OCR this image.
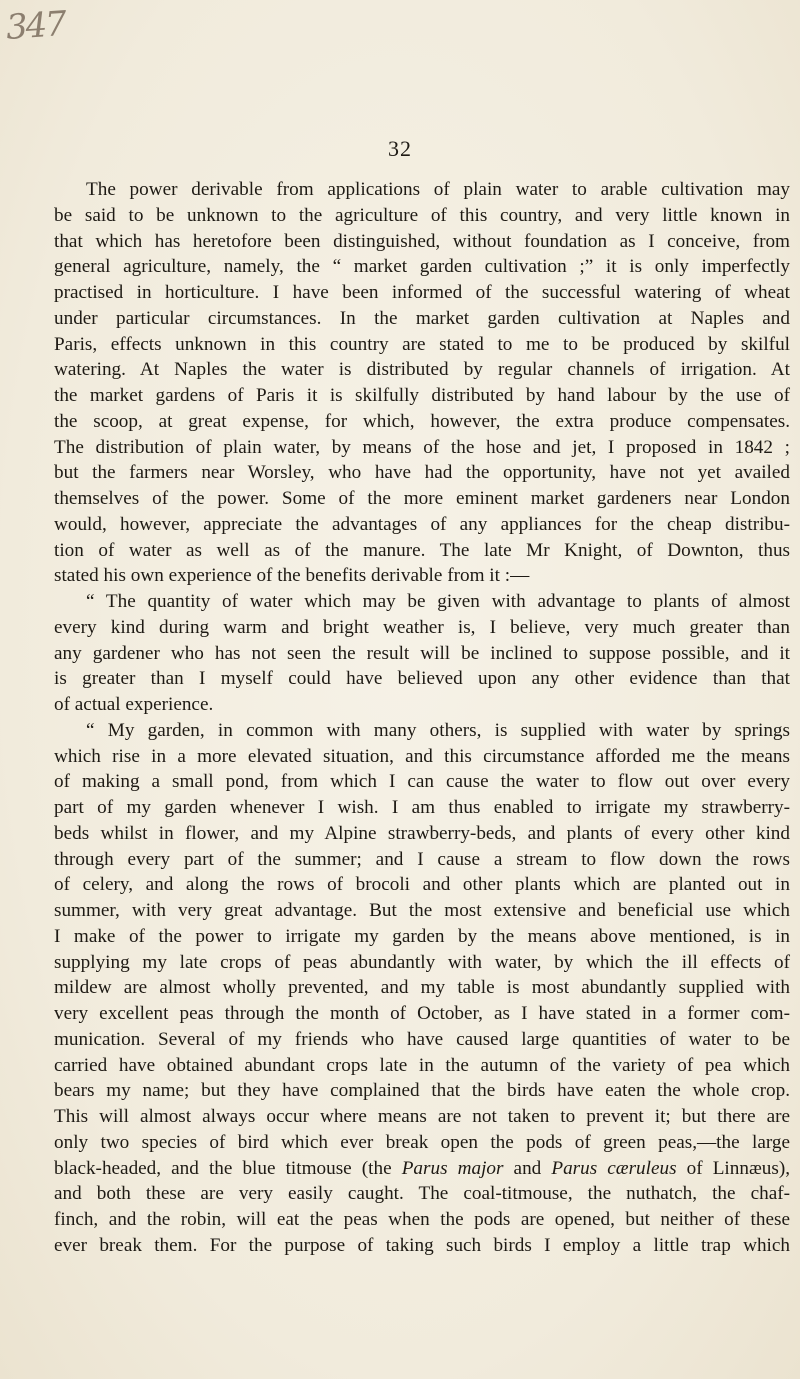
347
32
The power derivable from applications of plain water to arable cultivation may
be said to be unknown to the agriculture of this country, and very little known in
that which has heretofore been distinguished, without foundation as I conceive, from
general agriculture, namely, the “ market garden cultivation ;” it is only imperfectly
practised in horticulture. I have been informed of the successful watering of wheat
under particular circumstances. In the market garden cultivation at Naples and
Paris, effects unknown in this country are stated to me to be produced by skilful
watering. At Naples the water is distributed by regular channels of irrigation. At
the market gardens of Paris it is skilfully distributed by hand labour by the use of
the scoop, at great expense, for which, however, the extra produce compensates.
The distribution of plain water, by means of the hose and jet, I proposed in 1842 ;
but the farmers near Worsley, who have had the opportunity, have not yet availed
themselves of the power. Some of the more eminent market gardeners near London
would, however, appreciate the advantages of any appliances for the cheap distribu-
tion of water as well as of the manure. The late Mr Knight, of Downton, thus
stated his own experience of the benefits derivable from it :—
“ The quantity of water which may be given with advantage to plants of almost
every kind during warm and bright weather is, I believe, very much greater than
any gardener who has not seen the result will be inclined to suppose possible, and it
is greater than I myself could have believed upon any other evidence than that
of actual experience.
“ My garden, in common with many others, is supplied with water by springs
which rise in a more elevated situation, and this circumstance afforded me the means
of making a small pond, from which I can cause the water to flow out over every
part of my garden whenever I wish. I am thus enabled to irrigate my strawberry-
beds whilst in flower, and my Alpine strawberry-beds, and plants of every other kind
through every part of the summer; and I cause a stream to flow down the rows
of celery, and along the rows of brocoli and other plants which are planted out in
summer, with very great advantage. But the most extensive and beneficial use which
I make of the power to irrigate my garden by the means above mentioned, is in
supplying my late crops of peas abundantly with water, by which the ill effects of
mildew are almost wholly prevented, and my table is most abundantly supplied with
very excellent peas through the month of October, as I have stated in a former com-
munication. Several of my friends who have caused large quantities of water to be
carried have obtained abundant crops late in the autumn of the variety of pea which
bears my name; but they have complained that the birds have eaten the whole crop.
This will almost always occur where means are not taken to prevent it; but there are
only two species of bird which ever break open the pods of green peas,—the large
black-headed, and the blue titmouse (the Parus major and Parus cæruleus of Linnæus),
and both these are very easily caught. The coal-titmouse, the nuthatch, the chaf-
finch, and the robin, will eat the peas when the pods are opened, but neither of these
ever break them. For the purpose of taking such birds I employ a little trap which
